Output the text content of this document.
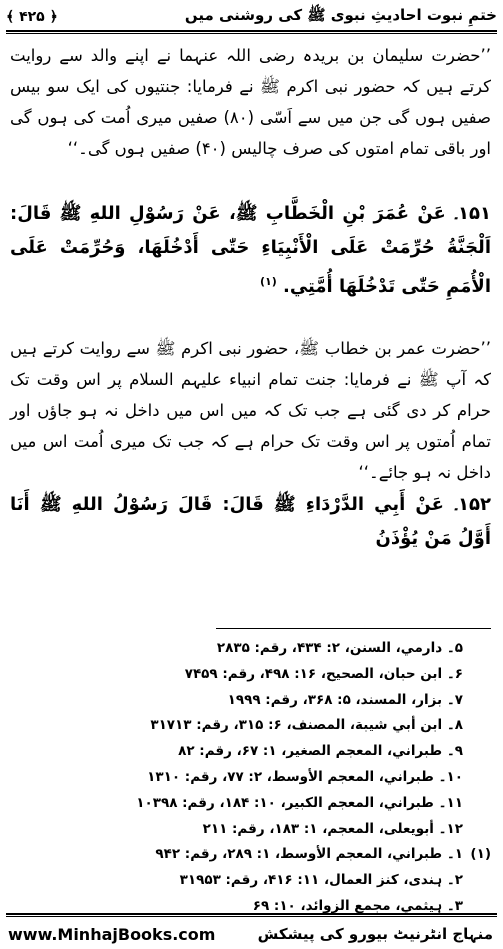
ختمِ نبوت احادیثِ نبوی ﷺ کی روشنی میں
﴿ ۴۲۵ ﴾
’’حضرت سلیمان بن بریدہ رضی اللہ عنہما نے اپنے والد سے روایت کرتے ہیں کہ حضور نبی اکرم ﷺ نے فرمایا: جنتیوں کی ایک سو بیس صفیں ہوں گی جن میں سے اَسّی (۸۰) صفیں میری اُمت کی ہوں گی اور باقی تمام امتوں کی صرف چالیس (۴۰) صفیں ہوں گی۔‘‘
۱۵۱۔ عَنْ عُمَرَ بْنِ الْخَطَّابِ ﷺ، عَنْ رَسُوْلِ اللهِ ﷺ قَالَ: اَلْجَنَّةُ حُرِّمَتْ عَلَى الْأَنْبِيَاءِ حَتّٰى أَدْخُلَهَا، وَحُرِّمَتْ عَلَى الْأُمَمِ حَتّٰى تَدْخُلَهَا أُمَّتِي. $^{(۱)}$
’’حضرت عمر بن خطاب ﷺ، حضور نبی اکرم ﷺ سے روایت کرتے ہیں کہ آپ ﷺ نے فرمایا: جنت تمام انبیاء علیہم السلام پر اس وقت تک حرام کر دی گئی ہے جب تک کہ میں اس میں داخل نہ ہو جاؤں اور تمام اُمتوں پر اس وقت تک حرام ہے کہ جب تک میری اُمت اس میں داخل نہ ہو جائے۔‘‘
۱۵۲۔ عَنْ أَبِي الدَّرْدَاءِ ﷺ قَالَ: قَالَ رَسُوْلُ اللهِ ﷺ أَنَا أَوَّلُ مَنْ يُؤْذَنُ
۵۔ دارمي، السنن، ۲: ۴۳۴، رقم: ۲۸۳۵
۶۔ ابن حبان، الصحیح، ۱۶: ۴۹۸، رقم: ۷۴۵۹
۷۔ بزار، المسند، ۵: ۳۶۸، رقم: ۱۹۹۹
۸۔ ابن أبي شیبة، المصنف، ۶: ۳۱۵، رقم: ۳۱۷۱۳
۹۔ طبراني، المعجم الصغیر، ۱: ۶۷، رقم: ۸۲
۱۰۔ طبراني، المعجم الأوسط، ۲: ۷۷، رقم: ۱۳۱۰
۱۱۔ طبراني، المعجم الکبیر، ۱۰: ۱۸۴، رقم: ۱۰۳۹۸
۱۲۔ أبویعلی، المعجم، ۱: ۱۸۳، رقم: ۲۱۱
(۱)
۱۔ طبراني، المعجم الأوسط، ۱: ۲۸۹، رقم: ۹۴۲
۲۔ ہندی، کنز العمال، ۱۱: ۴۱۶، رقم: ۳۱۹۵۳
۳۔ ہیثمي، مجمع الزوائد، ۱۰: ۶۹
www.MinhajBooks.com	منہاج انٹرنیٹ بیورو کی پیشکش
